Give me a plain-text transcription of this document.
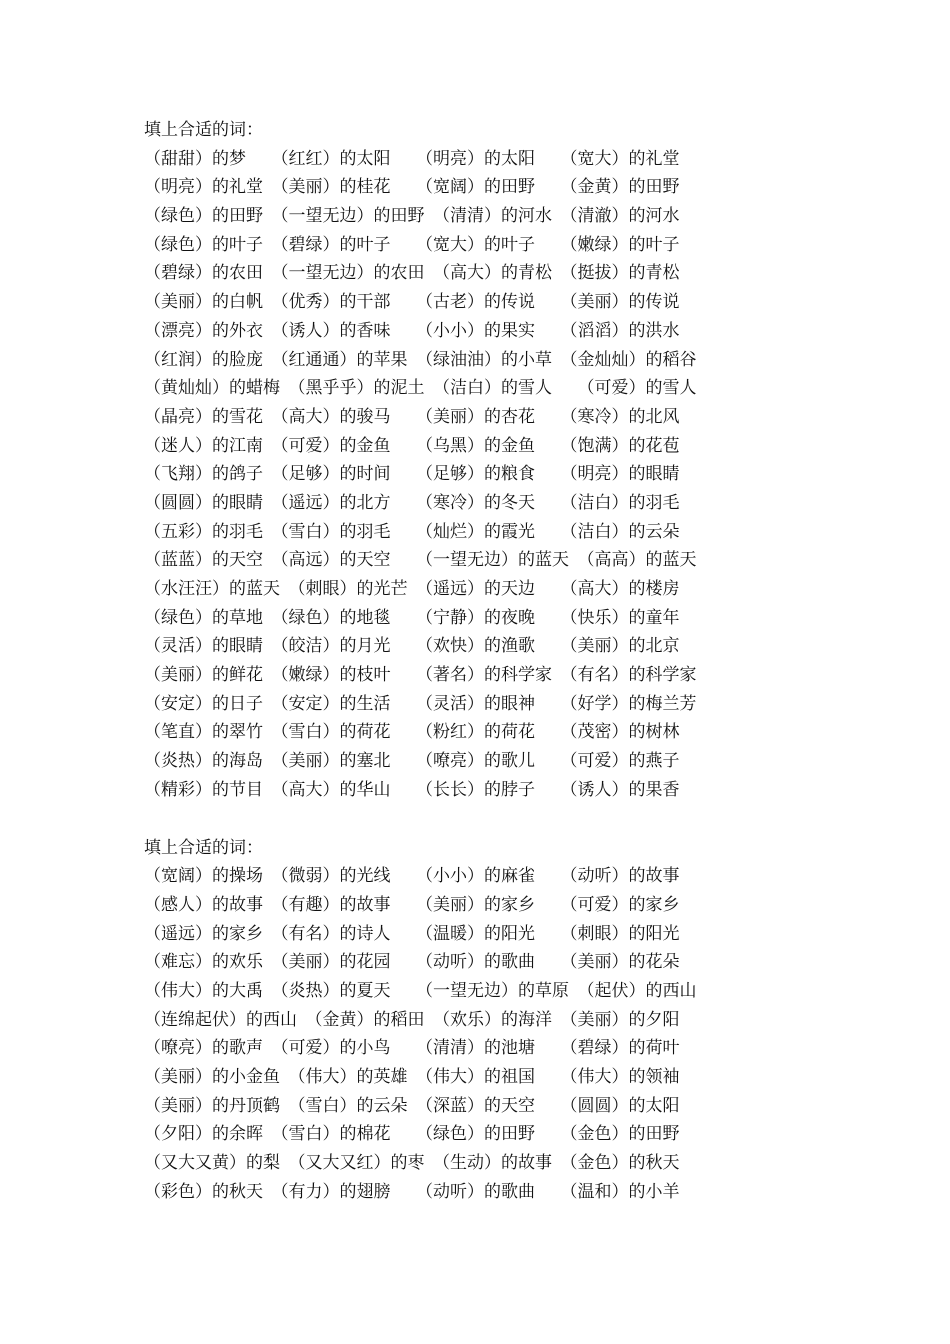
填上合适的词：
（甜甜）的梦　　（红红）的太阳　　（明亮）的太阳　　（宽大）的礼堂
（明亮）的礼堂　（美丽）的桂花　　（宽阔）的田野　　（金黄）的田野
（绿色）的田野　（一望无边）的田野　（清清）的河水　（清澈）的河水
（绿色）的叶子　（碧绿）的叶子　　（宽大）的叶子　　（嫩绿）的叶子
（碧绿）的农田　（一望无边）的农田　（高大）的青松　（挺拔）的青松
（美丽）的白帆　（优秀）的干部　　（古老）的传说　　（美丽）的传说
（漂亮）的外衣　（诱人）的香味　　（小小）的果实　　（滔滔）的洪水
（红润）的脸庞　（红通通）的苹果　（绿油油）的小草　（金灿灿）的稻谷
（黄灿灿）的蜡梅　（黑乎乎）的泥土　（洁白）的雪人　　（可爱）的雪人
（晶亮）的雪花　（高大）的骏马　　（美丽）的杏花　　（寒冷）的北风
（迷人）的江南　（可爱）的金鱼　　（乌黑）的金鱼　　（饱满）的花苞
（飞翔）的鸽子　（足够）的时间　　（足够）的粮食　　（明亮）的眼睛
（圆圆）的眼睛　（遥远）的北方　　（寒冷）的冬天　　（洁白）的羽毛
（五彩）的羽毛　（雪白）的羽毛　　（灿烂）的霞光　　（洁白）的云朵
（蓝蓝）的天空　（高远）的天空　　（一望无边）的蓝天　（高高）的蓝天
（水汪汪）的蓝天　（刺眼）的光芒　（遥远）的天边　　（高大）的楼房
（绿色）的草地　（绿色）的地毯　　（宁静）的夜晚　　（快乐）的童年
（灵活）的眼睛　（皎洁）的月光　　（欢快）的渔歌　　（美丽）的北京
（美丽）的鲜花　（嫩绿）的枝叶　　（著名）的科学家　（有名）的科学家
（安定）的日子　（安定）的生活　　（灵活）的眼神　　（好学）的梅兰芳
（笔直）的翠竹　（雪白）的荷花　　（粉红）的荷花　　（茂密）的树林
（炎热）的海岛　（美丽）的塞北　　（嘹亮）的歌儿　　（可爱）的燕子
（精彩）的节目　（高大）的华山　　（长长）的脖子　　（诱人）的果香
填上合适的词：
（宽阔）的操场　（微弱）的光线　　（小小）的麻雀　　（动听）的故事
（感人）的故事　（有趣）的故事　　（美丽）的家乡　　（可爱）的家乡
（遥远）的家乡　（有名）的诗人　　（温暖）的阳光　　（刺眼）的阳光
（难忘）的欢乐　（美丽）的花园　　（动听）的歌曲　　（美丽）的花朵
（伟大）的大禹　（炎热）的夏天　　（一望无边）的草原　（起伏）的西山
（连绵起伏）的西山　（金黄）的稻田　（欢乐）的海洋　（美丽）的夕阳
（嘹亮）的歌声　（可爱）的小鸟　　（清清）的池塘　　（碧绿）的荷叶
（美丽）的小金鱼　（伟大）的英雄　（伟大）的祖国　　（伟大）的领袖
（美丽）的丹顶鹤　（雪白）的云朵　（深蓝）的天空　　（圆圆）的太阳
（夕阳）的余晖　（雪白）的棉花　　（绿色）的田野　　（金色）的田野
（又大又黄）的梨　（又大又红）的枣　（生动）的故事　（金色）的秋天
（彩色）的秋天　（有力）的翅膀　　（动听）的歌曲　　（温和）的小羊
